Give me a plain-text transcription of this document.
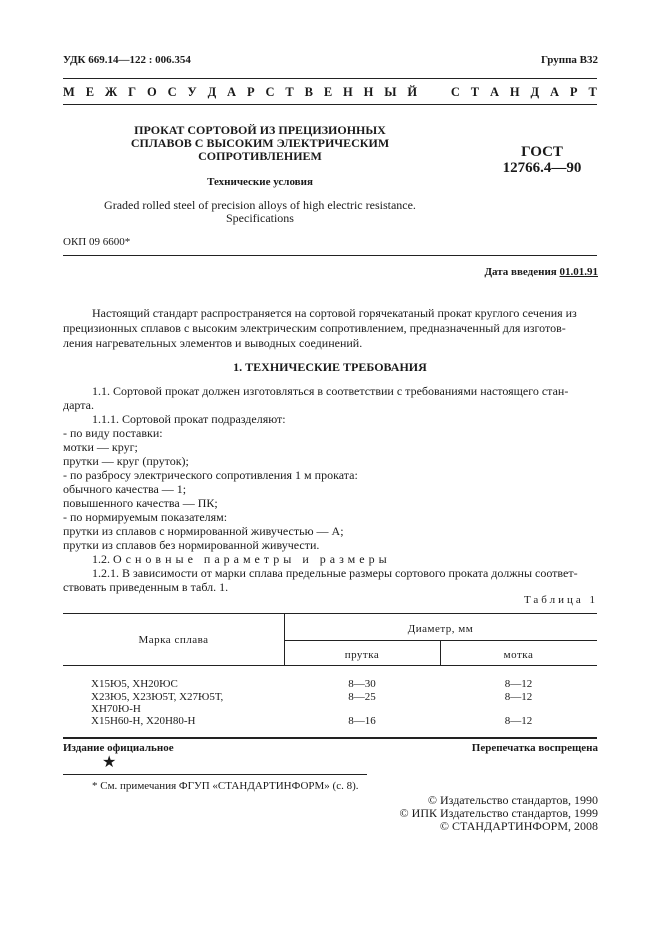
УДК 669.14—122 : 006.354	Группа В32
М Е Ж Г О С У Д А Р С Т В Е Н Н Ы Й	С Т А Н Д А Р Т
ПРОКАТ СОРТОВОЙ ИЗ ПРЕЦИЗИОННЫХ
СПЛАВОВ С ВЫСОКИМ ЭЛЕКТРИЧЕСКИМ
СОПРОТИВЛЕНИЕМ
Технические условия
Graded rolled steel of precision alloys of high electric resistance.
Specifications
ГОСТ
12766.4—90
ОКП 09 6600*
Дата введения 01.01.91
Настоящий стандарт распространяется на сортовой горячекатаный прокат круглого сечения из
прецизионных сплавов с высоким электрическим сопротивлением, предназначенный для изготов-
ления нагревательных элементов и выводных соединений.
1. ТЕХНИЧЕСКИЕ ТРЕБОВАНИЯ
1.1. Сортовой прокат должен изготовляться в соответствии с требованиями настоящего стан-
дарта.
1.1.1. Сортовой прокат подразделяют:
- по виду поставки:
мотки — круг;
прутки — круг (пруток);
- по разбросу электрического сопротивления 1 м проката:
обычного качества — 1;
повышенного качества — ПК;
- по нормируемым показателям:
прутки из сплавов с нормированной живучестью — А;
прутки из сплавов без нормированной живучести.
1.2. Основные параметры и размеры
1.2.1. В зависимости от марки сплава предельные размеры сортового проката должны соответ-
ствовать приведенным в табл. 1.
Таблица 1
Марка сплава
Диаметр, мм
прутка	мотка
Х15Ю5, ХН20ЮС	8—30	8—12
Х23Ю5, Х23Ю5Т, Х27Ю5Т,	8—25	8—12
ХН70Ю-Н
Х15Н60-Н, Х20Н80-Н	8—16	8—12
Издание официальное
★
Перепечатка воспрещена
* См. примечания ФГУП «СТАНДАРТИНФОРМ» (с. 8).
© Издательство стандартов, 1990
© ИПК Издательство стандартов, 1999
© СТАНДАРТИНФОРМ, 2008
